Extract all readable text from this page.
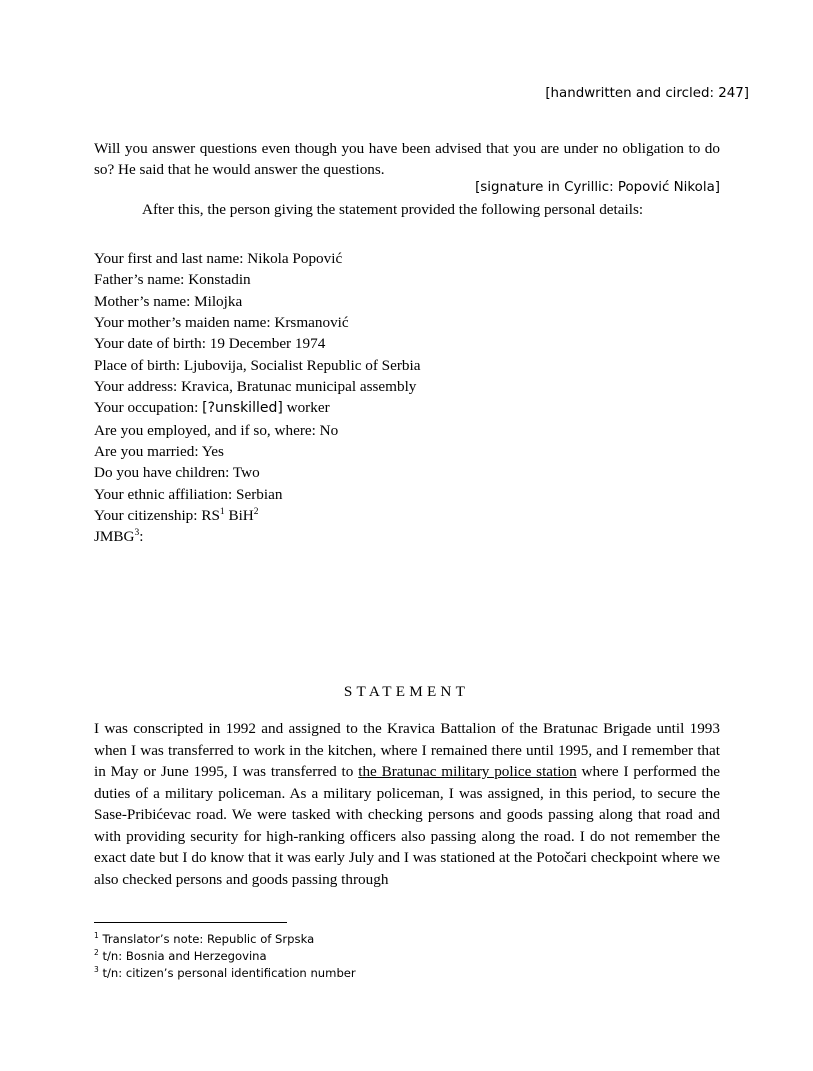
[handwritten and circled: 247]
Will you answer questions even though you have been advised that you are under no obligation to do so? He said that he would answer the questions.
[signature in Cyrillic: Popović Nikola]
After this, the person giving the statement provided the following personal details:
Your first and last name: Nikola Popović
Father’s name: Konstadin
Mother’s name: Milojka
Your mother’s maiden name: Krsmanović
Your date of birth: 19 December 1974
Place of birth: Ljubovija, Socialist Republic of Serbia
Your address: Kravica, Bratunac municipal assembly
Your occupation: [?unskilled] worker
Are you employed, and if so, where: No
Are you married: Yes
Do you have children: Two
Your ethnic affiliation: Serbian
Your citizenship: $RS^1$ BiH$^2$
JMBG$^3$:
STATEMENT
I was conscripted in 1992 and assigned to the Kravica Battalion of the Bratunac Brigade until 1993 when I was transferred to work in the kitchen, where I remained there until 1995, and I remember that in May or June 1995, I was transferred to the Bratunac military police station where I performed the duties of a military policeman. As a military policeman, I was assigned, in this period, to secure the Sase-Pribićevac road. We were tasked with checking persons and goods passing along that road and with providing security for high-ranking officers also passing along the road. I do not remember the exact date but I do know that it was early July and I was stationed at the Potočari checkpoint where we also checked persons and goods passing through
$^1$ Translator’s note: Republic of Srpska
$^2$ t/n: Bosnia and Herzegovina
$^3$ t/n: citizen’s personal identification number
